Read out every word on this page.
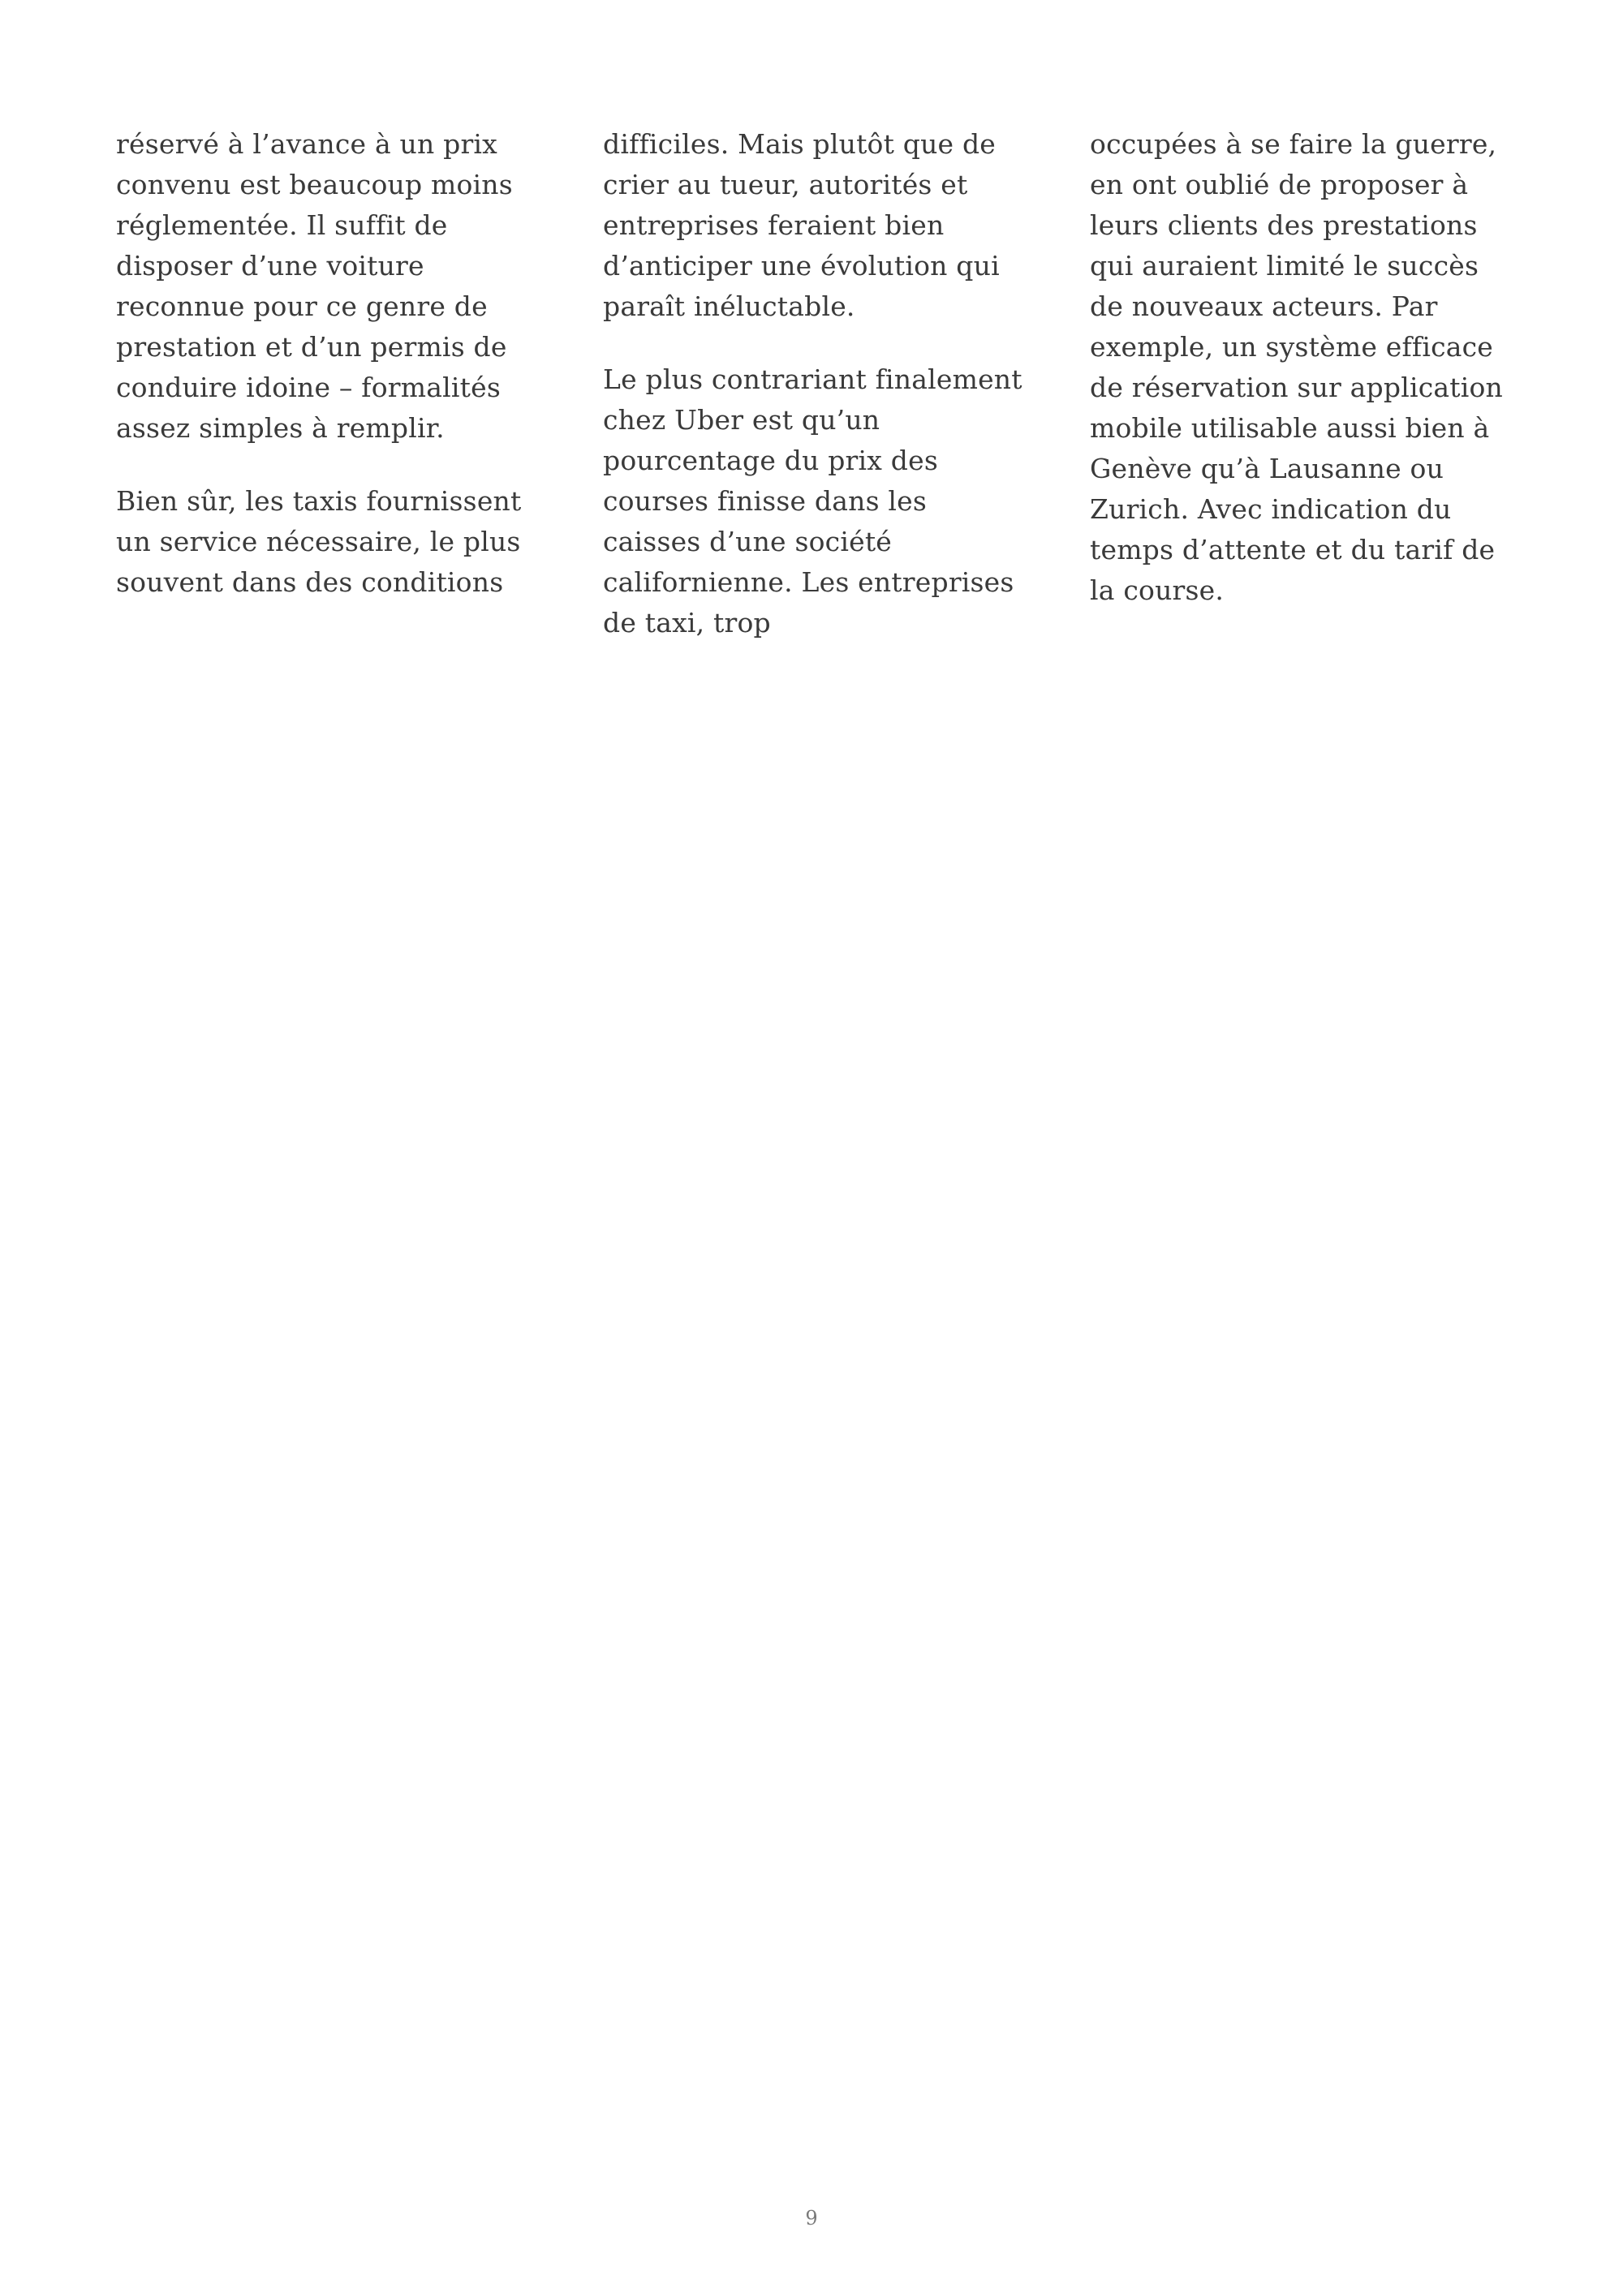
réservé à l’avance à un prix convenu est beaucoup moins réglementée. Il suffit de disposer d’une voiture reconnue pour ce genre de prestation et d’un permis de conduire idoine – formalités assez simples à remplir.

Bien sûr, les taxis fournissent un service nécessaire, le plus souvent dans des conditions

difficiles. Mais plutôt que de crier au tueur, autorités et entreprises feraient bien d’anticiper une évolution qui paraît inéluctable.

Le plus contrariant finalement chez Uber est qu’un pourcentage du prix des courses finisse dans les caisses d’une société californienne. Les entreprises de taxi, trop

occupées à se faire la guerre, en ont oublié de proposer à leurs clients des prestations qui auraient limité le succès de nouveaux acteurs. Par exemple, un système efficace de réservation sur application mobile utilisable aussi bien à Genève qu’à Lausanne ou Zurich. Avec indication du temps d’attente et du tarif de la course.

9
